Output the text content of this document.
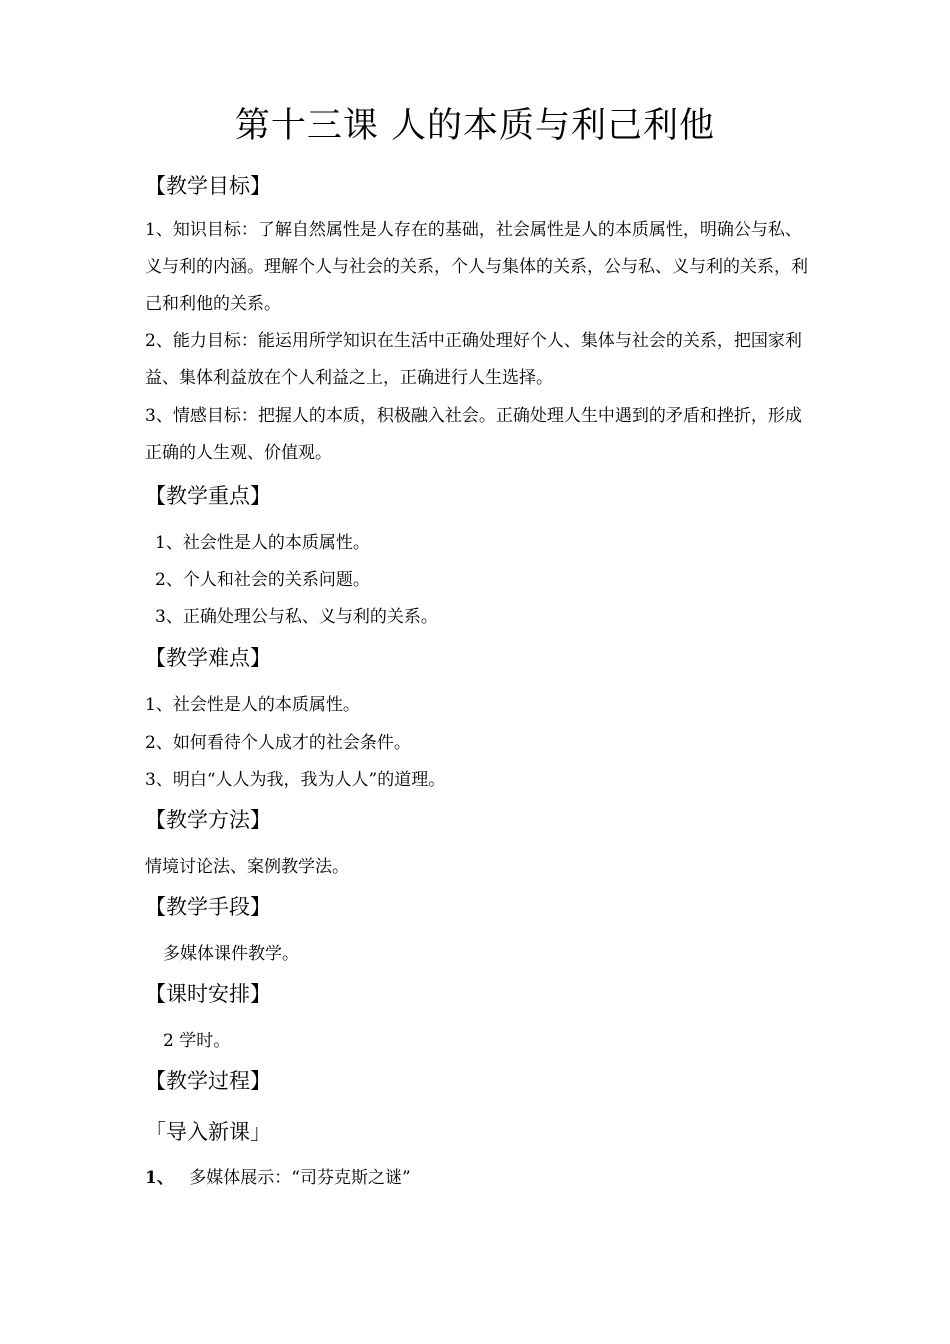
第十三课 人的本质与利己利他
【教学目标】
1、知识目标：了解自然属性是人存在的基础，社会属性是人的本质属性，明确公与私、义与利的内涵。理解个人与社会的关系，个人与集体的关系，公与私、义与利的关系，利己和利他的关系。
2、能力目标：能运用所学知识在生活中正确处理好个人、集体与社会的关系，把国家利益、集体利益放在个人利益之上，正确进行人生选择。
3、情感目标：把握人的本质，积极融入社会。正确处理人生中遇到的矛盾和挫折，形成正确的人生观、价值观。
【教学重点】
1、社会性是人的本质属性。
2、个人和社会的关系问题。
3、正确处理公与私、义与利的关系。
【教学难点】
1、社会性是人的本质属性。
2、如何看待个人成才的社会条件。
3、明白“人人为我，我为人人”的道理。
【教学方法】
情境讨论法、案例教学法。
【教学手段】
多媒体课件教学。
【课时安排】
2 学时。
【教学过程】
「导入新课」
1、 多媒体展示：“司芬克斯之谜”
